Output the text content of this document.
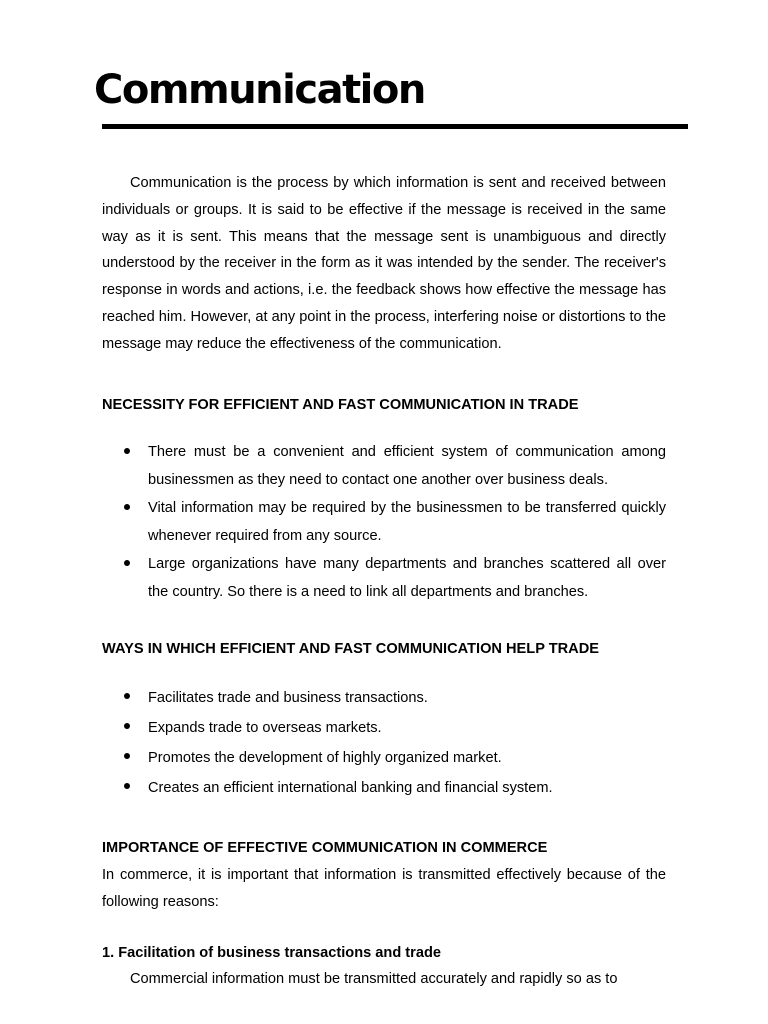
Communication

Communication is the process by which information is sent and received between individuals or groups. It is said to be effective if the message is received in the same way as it is sent. This means that the message sent is unambiguous and directly understood by the receiver in the form as it was intended by the sender. The receiver's response in words and actions, i.e. the feedback shows how effective the message has reached him. However, at any point in the process, interfering noise or distortions to the message may reduce the effectiveness of the communication.

NECESSITY FOR EFFICIENT AND FAST COMMUNICATION IN TRADE

There must be a convenient and efficient system of communication among businessmen as they need to contact one another over business deals.
Vital information may be required by the businessmen to be transferred quickly whenever required from any source.
Large organizations have many departments and branches scattered all over the country. So there is a need to link all departments and branches.

WAYS IN WHICH EFFICIENT AND FAST COMMUNICATION HELP TRADE

Facilitates trade and business transactions.
Expands trade to overseas markets.
Promotes the development of highly organized market.
Creates an efficient international banking and financial system.

IMPORTANCE OF EFFECTIVE COMMUNICATION IN COMMERCE

In commerce, it is important that information is transmitted effectively because of the following reasons:

1. Facilitation of business transactions and trade

Commercial information must be transmitted accurately and rapidly so as to
